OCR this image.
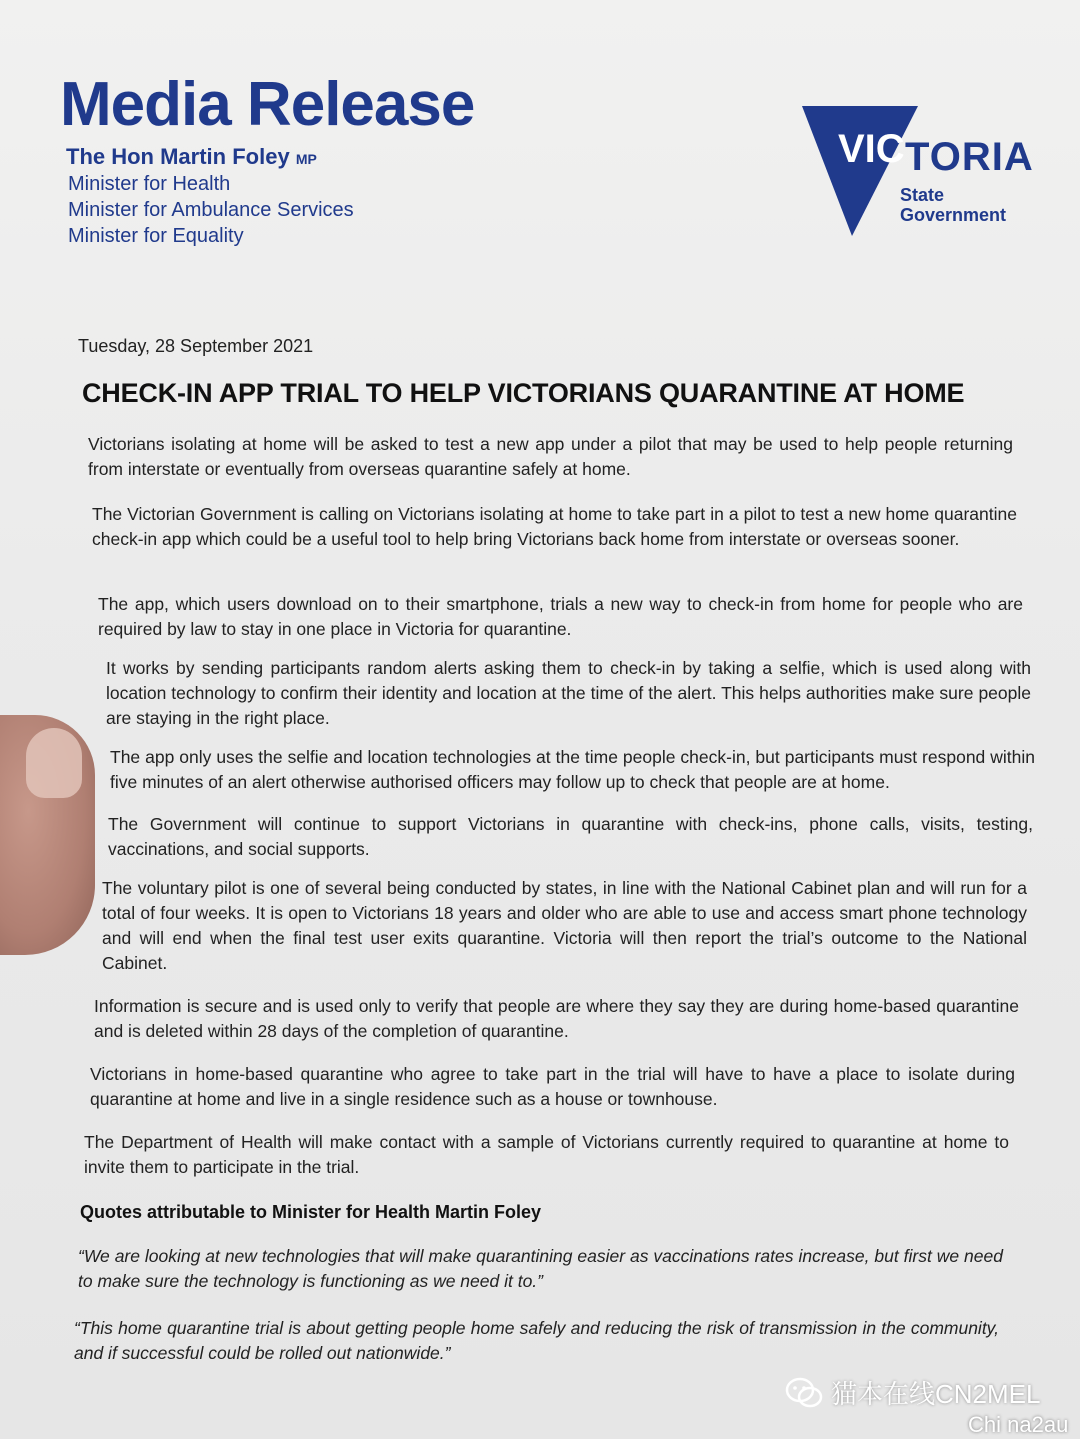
Media Release
The Hon Martin Foley MP
Minister for Health
Minister for Ambulance Services
Minister for Equality
VIC TORIA
State
Government
Tuesday, 28 September 2021
CHECK-IN APP TRIAL TO HELP VICTORIANS QUARANTINE AT HOME
Victorians isolating at home will be asked to test a new app under a pilot that may be used to help people returning from interstate or eventually from overseas quarantine safely at home.
The Victorian Government is calling on Victorians isolating at home to take part in a pilot to test a new home quarantine check-in app which could be a useful tool to help bring Victorians back home from interstate or overseas sooner.
The app, which users download on to their smartphone, trials a new way to check-in from home for people who are required by law to stay in one place in Victoria for quarantine.
It works by sending participants random alerts asking them to check-in by taking a selfie, which is used along with location technology to confirm their identity and location at the time of the alert. This helps authorities make sure people are staying in the right place.
The app only uses the selfie and location technologies at the time people check-in, but participants must respond within five minutes of an alert otherwise authorised officers may follow up to check that people are at home.
The Government will continue to support Victorians in quarantine with check-ins, phone calls, visits, testing, vaccinations, and social supports.
The voluntary pilot is one of several being conducted by states, in line with the National Cabinet plan and will run for a total of four weeks. It is open to Victorians 18 years and older who are able to use and access smart phone technology and will end when the final test user exits quarantine. Victoria will then report the trial’s outcome to the National Cabinet.
Information is secure and is used only to verify that people are where they say they are during home-based quarantine and is deleted within 28 days of the completion of quarantine.
Victorians in home-based quarantine who agree to take part in the trial will have to have a place to isolate during quarantine at home and live in a single residence such as a house or townhouse.
The Department of Health will make contact with a sample of Victorians currently required to quarantine at home to invite them to participate in the trial.
Quotes attributable to Minister for Health Martin Foley
“We are looking at new technologies that will make quarantining easier as vaccinations rates increase, but first we need to make sure the technology is functioning as we need it to.”
“This home quarantine trial is about getting people home safely and reducing the risk of transmission in the community, and if successful could be rolled out nationwide.”
猫本在线CN2MEL
Chi na2au
